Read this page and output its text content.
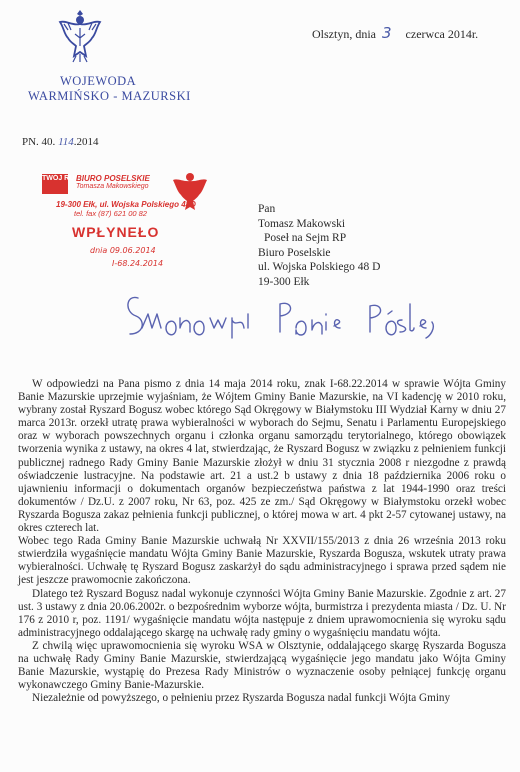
WOJEWODA
WARMIŃSKO - MAZURSKI
Olsztyn, dnia 3 czerwca 2014r.
PN. 40. 114.2014
TWÓJ RUCH
BIURO POSELSKIE
Tomasza Makowskiego
19-300 Ełk, ul. Wojska Polskiego 48D
tel. fax (87) 621 00 82
WPŁYNEŁO
dnia 09.06.2014
I-68.24.2014
Pan
Tomasz Makowski
Poseł na Sejm RP
Biuro Poselskie
ul. Wojska Polskiego 48 D
19-300 Ełk

W odpowiedzi na Pana pismo z dnia 14 maja 2014 roku, znak I-68.22.2014 w sprawie Wójta Gminy Banie Mazurskie uprzejmie wyjaśniam, że Wójtem Gminy Banie Mazurskie, na VI kadencję w 2010 roku, wybrany został Ryszard Bogusz wobec którego Sąd Okręgowy w Białymstoku III Wydział Karny w dniu 27 marca 2013r. orzekł utratę prawa wybieralności w wyborach do Sejmu, Senatu i Parlamentu Europejskiego oraz w wyborach powszechnych organu i członka organu samorządu terytorialnego, którego obowiązek tworzenia wynika z ustawy, na okres 4 lat, stwierdzając, że Ryszard Bogusz w związku z pełnieniem funkcji publicznej radnego Rady Gminy Banie Mazurskie złożył w dniu 31 stycznia 2008 r niezgodne z prawdą oświadczenie lustracyjne. Na podstawie art. 21 a ust.2 b ustawy z dnia 18 października 2006 roku o ujawnieniu informacji o dokumentach organów bezpieczeństwa państwa z lat 1944-1990 oraz treści dokumentów / Dz.U. z 2007 roku, Nr 63, poz. 425 ze zm./ Sąd Okręgowy w Białymstoku orzekł wobec Ryszarda Bogusza zakaz pełnienia funkcji publicznej, o której mowa w art. 4 pkt 2-57 cytowanej ustawy, na okres czterech lat.

Wobec tego Rada Gminy Banie Mazurskie uchwałą Nr XXVII/155/2013 z dnia 26 września 2013 roku stwierdziła wygaśnięcie mandatu Wójta Gminy Banie Mazurskie, Ryszarda Bogusza, wskutek utraty prawa wybieralności. Uchwałę tę Ryszard Bogusz zaskarżył do sądu administracyjnego i sprawa przed sądem nie jest jeszcze prawomocnie zakończona.

Dlatego też Ryszard Bogusz nadal wykonuje czynności Wójta Gminy Banie Mazurskie. Zgodnie z art. 27 ust. 3 ustawy z dnia 20.06.2002r. o bezpośrednim wyborze wójta, burmistrza i prezydenta miasta / Dz. U. Nr 176 z 2010 r, poz. 1191/ wygaśnięcie mandatu wójta następuje z dniem uprawomocnienia się wyroku sądu administracyjnego oddalającego skargę na uchwałę rady gminy o wygaśnięciu mandatu wójta.

Z chwilą więc uprawomocnienia się wyroku WSA w Olsztynie, oddalającego skargę Ryszarda Bogusza na uchwałę Rady Gminy Banie Mazurskie, stwierdzającą wygaśnięcie jego mandatu jako Wójta Gminy Banie Mazurskie, wystąpię do Prezesa Rady Ministrów o wyznaczenie osoby pełniącej funkcję organu wykonawczego Gminy Banie-Mazurskie.

Niezależnie od powyższego, o pełnieniu przez Ryszarda Bogusza nadal funkcji Wójta Gminy
